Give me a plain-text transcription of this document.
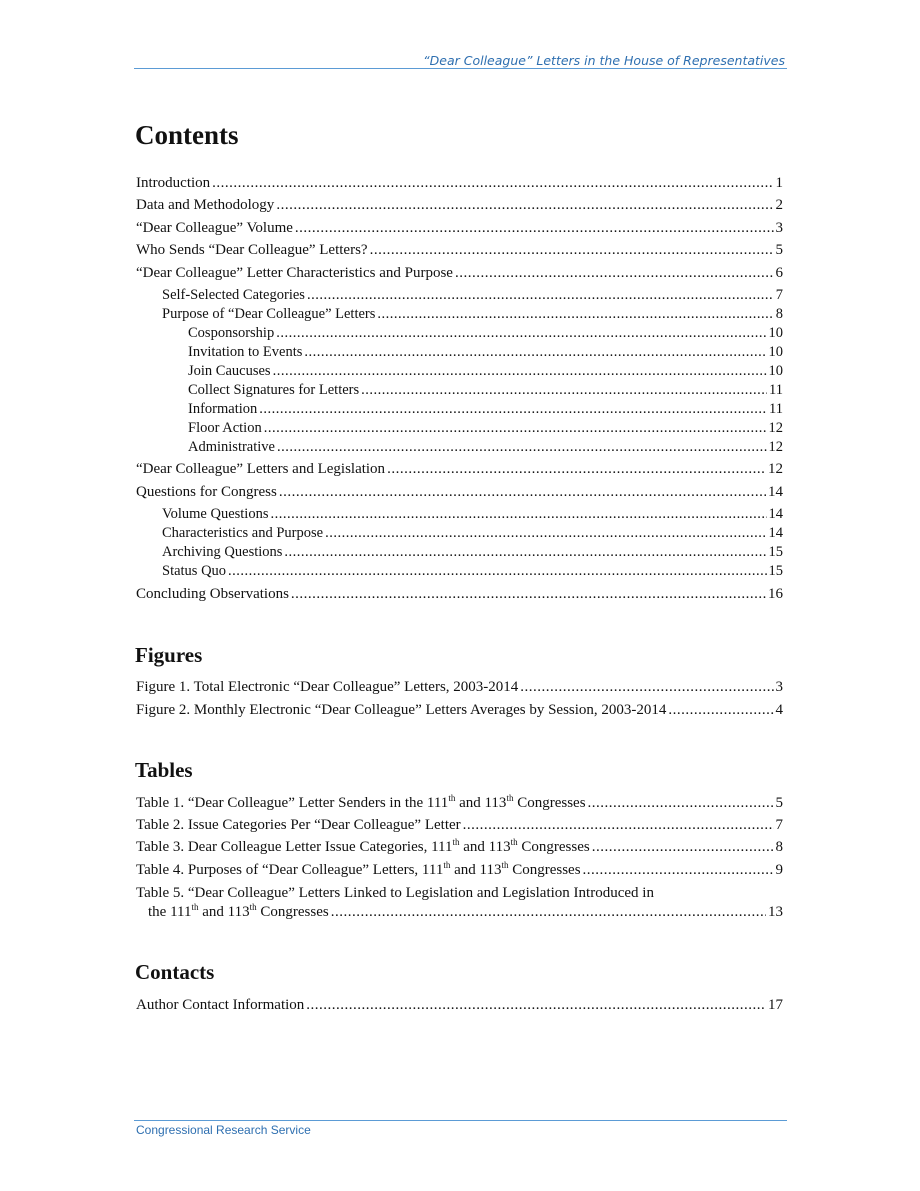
“Dear Colleague” Letters in the House of Representatives
Contents
Introduction .....	1
Data and Methodology .....	2
“Dear Colleague” Volume .....	3
Who Sends “Dear Colleague” Letters? .....	5
“Dear Colleague” Letter Characteristics and Purpose .....	6
Self-Selected Categories .....	7
Purpose of “Dear Colleague” Letters .....	8
Cosponsorship .....	10
Invitation to Events .....	10
Join Caucuses .....	10
Collect Signatures for Letters .....	11
Information .....	11
Floor Action .....	12
Administrative .....	12
“Dear Colleague” Letters and Legislation .....	12
Questions for Congress .....	14
Volume Questions .....	14
Characteristics and Purpose .....	14
Archiving Questions .....	15
Status Quo .....	15
Concluding Observations .....	16
Figures
Figure 1. Total Electronic “Dear Colleague” Letters, 2003-2014 .....	3
Figure 2. Monthly Electronic “Dear Colleague” Letters Averages by Session, 2003-2014 .....	4
Tables
Table 1. “Dear Colleague” Letter Senders in the 111th and 113th Congresses .....	5
Table 2. Issue Categories Per “Dear Colleague” Letter .....	7
Table 3. Dear Colleague Letter Issue Categories, 111th and 113th Congresses .....	8
Table 4. Purposes of “Dear Colleague” Letters, 111th and 113th Congresses .....	9
Table 5. “Dear Colleague” Letters Linked to Legislation and Legislation Introduced in
the 111th and 113th Congresses .....	13
Contacts
Author Contact Information .....	17
Congressional Research Service
